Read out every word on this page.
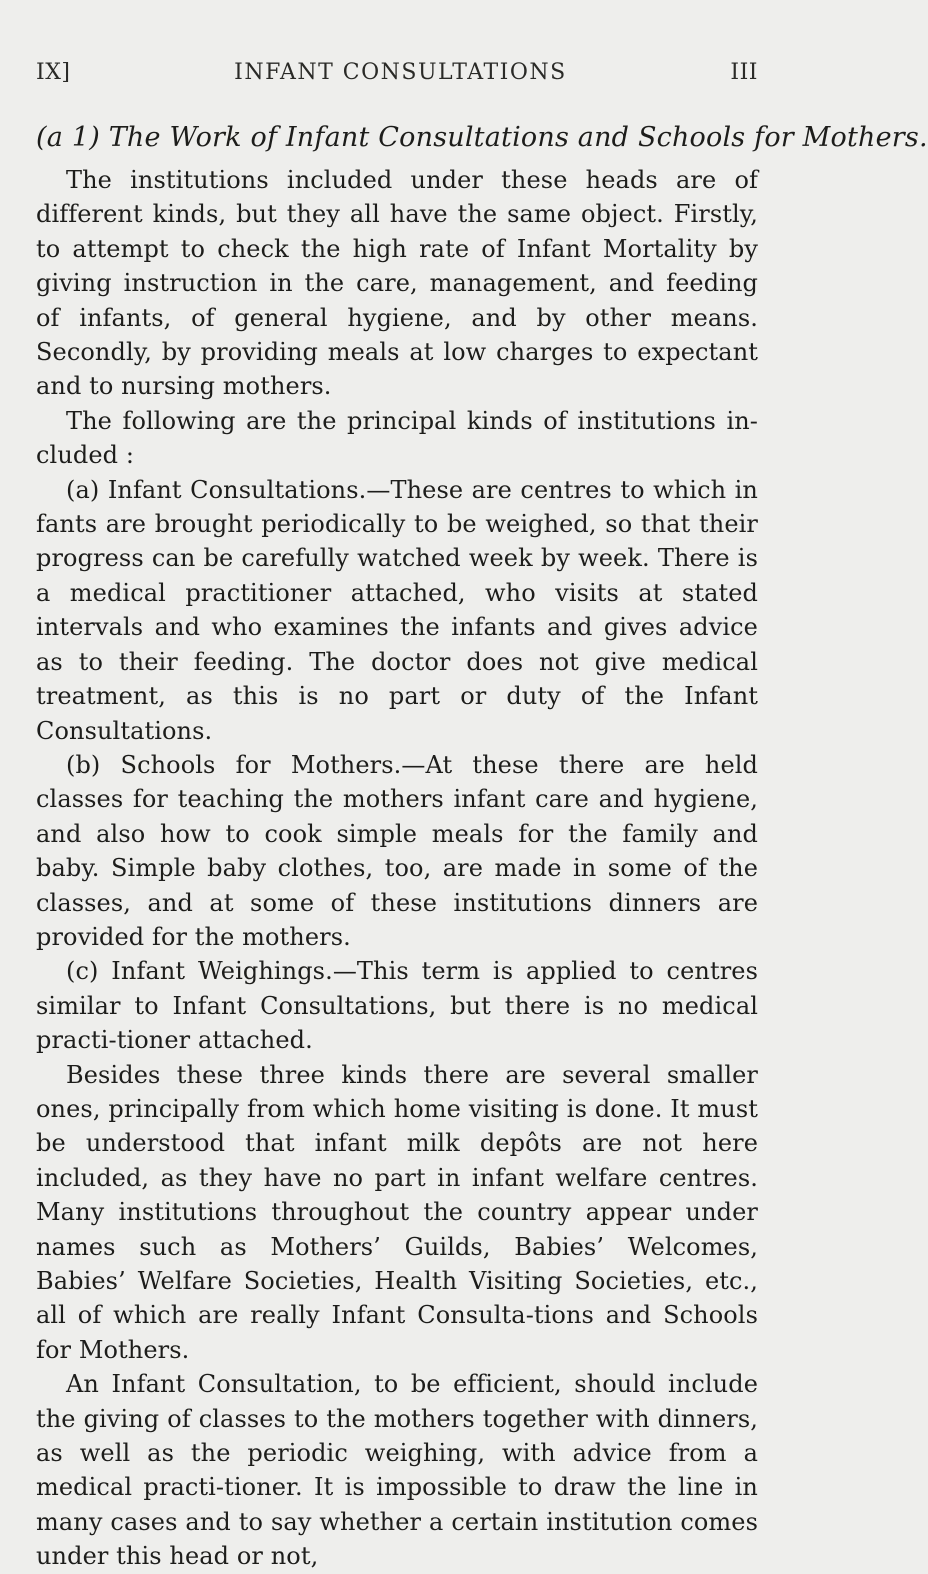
IX]	INFANT CONSULTATIONS	III
(a 1) The Work of Infant Consultations and Schools for Mothers.

The institutions included under these heads are of different kinds, but they all have the same object. Firstly, to attempt to check the high rate of Infant Mortality by giving instruction in the care, management, and feeding of infants, of general hygiene, and by other means. Secondly, by providing meals at low charges to expectant and to nursing mothers.

The following are the principal kinds of institutions in-cluded :

(a) Infant Consultations.—These are centres to which in fants are brought periodically to be weighed, so that their progress can be carefully watched week by week. There is a medical practitioner attached, who visits at stated intervals and who examines the infants and gives advice as to their feeding. The doctor does not give medical treatment, as this is no part or duty of the Infant Consultations.

(b) Schools for Mothers.—At these there are held classes for teaching the mothers infant care and hygiene, and also how to cook simple meals for the family and baby. Simple baby clothes, too, are made in some of the classes, and at some of these institutions dinners are provided for the mothers.

(c) Infant Weighings.—This term is applied to centres similar to Infant Consultations, but there is no medical practi-tioner attached.

Besides these three kinds there are several smaller ones, principally from which home visiting is done. It must be understood that infant milk depôts are not here included, as they have no part in infant welfare centres. Many institutions throughout the country appear under names such as Mothers’ Guilds, Babies’ Welcomes, Babies’ Welfare Societies, Health Visiting Societies, etc., all of which are really Infant Consulta-tions and Schools for Mothers.

An Infant Consultation, to be efficient, should include the giving of classes to the mothers together with dinners, as well as the periodic weighing, with advice from a medical practi-tioner. It is impossible to draw the line in many cases and to say whether a certain institution comes under this head or not,
